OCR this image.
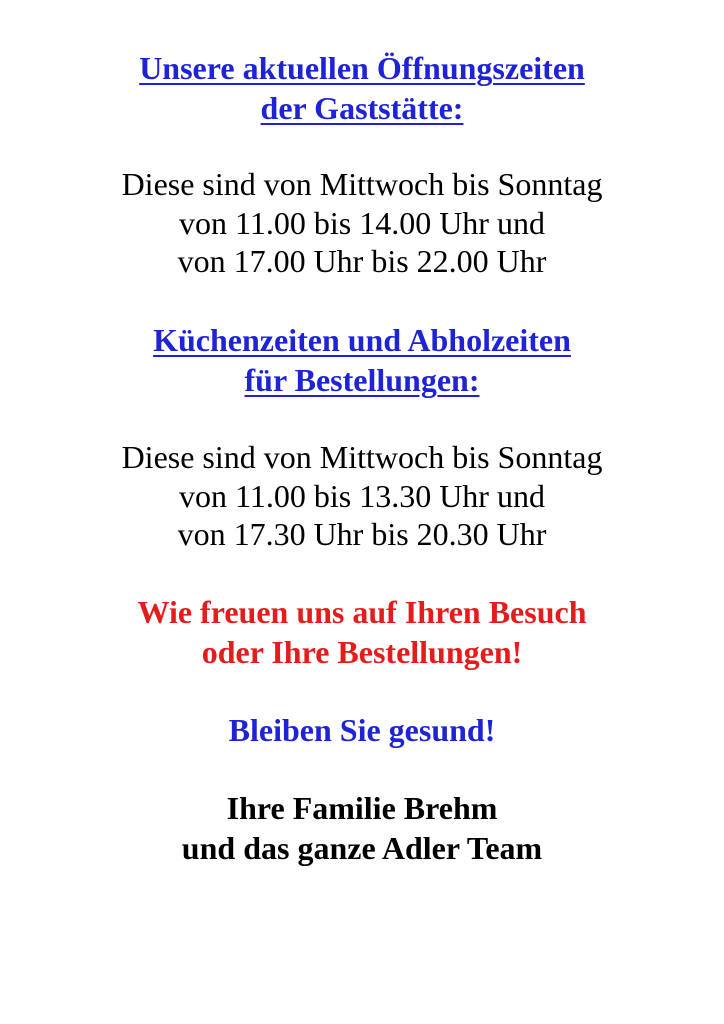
Unsere aktuellen Öffnungszeiten
der Gaststätte:
Diese sind von Mittwoch bis Sonntag
von 11.00 bis 14.00 Uhr und
von 17.00 Uhr bis 22.00 Uhr
Küchenzeiten und Abholzeiten
für Bestellungen:
Diese sind von Mittwoch bis Sonntag
von 11.00 bis 13.30 Uhr und
von 17.30 Uhr bis 20.30 Uhr
Wie freuen uns auf Ihren Besuch
oder Ihre Bestellungen!
Bleiben Sie gesund!
Ihre Familie Brehm
und das ganze Adler Team
